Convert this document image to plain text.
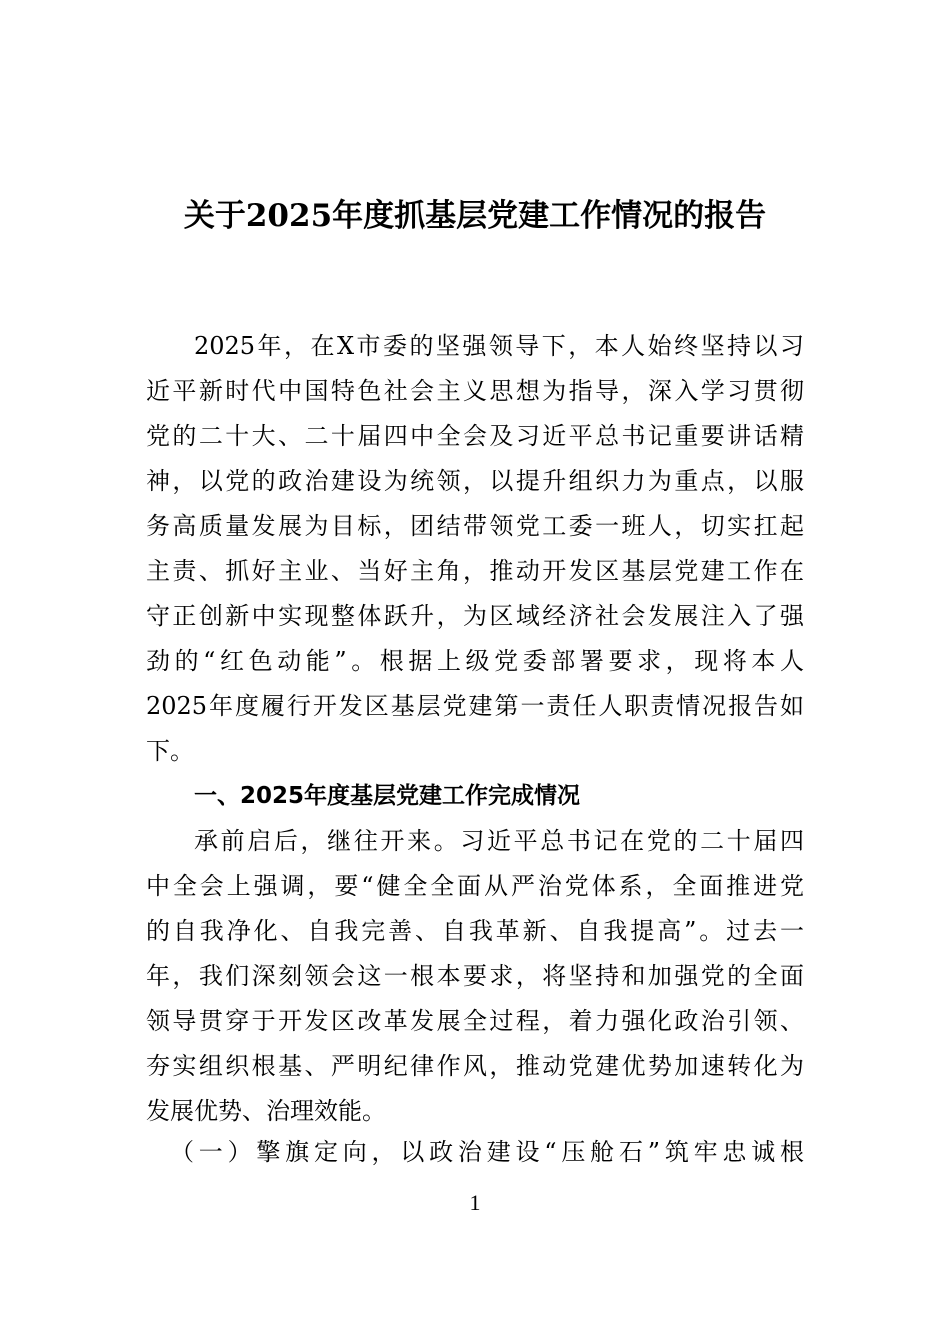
关于2025年度抓基层党建工作情况的报告
2025年，在X市委的坚强领导下，本人始终坚持以习
近平新时代中国特色社会主义思想为指导，深入学习贯彻
党的二十大、二十届四中全会及习近平总书记重要讲话精
神，以党的政治建设为统领，以提升组织力为重点，以服
务高质量发展为目标，团结带领党工委一班人，切实扛起
主责、抓好主业、当好主角，推动开发区基层党建工作在
守正创新中实现整体跃升，为区域经济社会发展注入了强
劲的“红色动能”。根据上级党委部署要求，现将本人
2025年度履行开发区基层党建第一责任人职责情况报告如
下。
一、2025年度基层党建工作完成情况
承前启后，继往开来。习近平总书记在党的二十届四
中全会上强调，要“健全全面从严治党体系，全面推进党
的自我净化、自我完善、自我革新、自我提高”。过去一
年，我们深刻领会这一根本要求，将坚持和加强党的全面
领导贯穿于开发区改革发展全过程，着力强化政治引领、
夯实组织根基、严明纪律作风，推动党建优势加速转化为
发展优势、治理效能。
（一）擎旗定向，以政治建设“压舱石”筑牢忠诚根
1
